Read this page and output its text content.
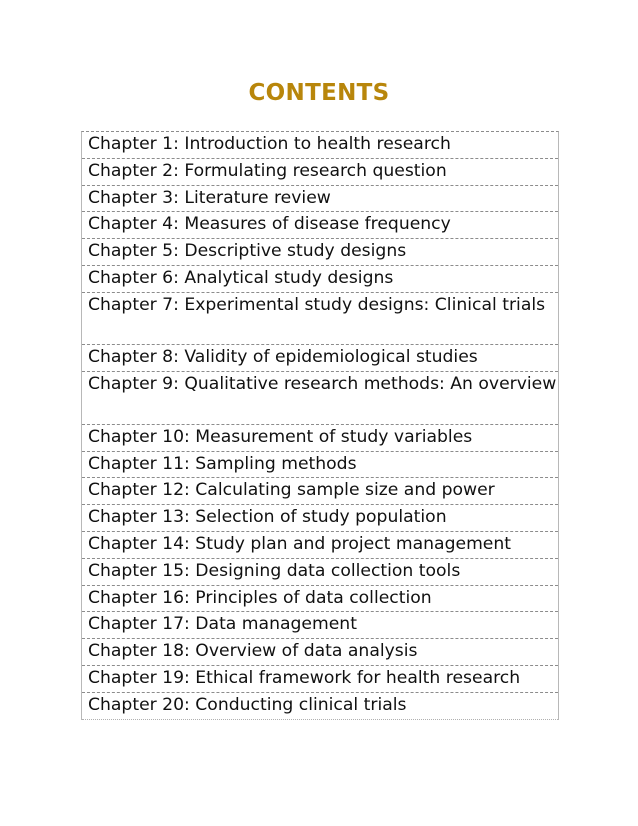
CONTENTS
Chapter 1: Introduction to health research
Chapter 2: Formulating research question
Chapter 3: Literature review
Chapter 4: Measures of disease frequency
Chapter 5: Descriptive study designs
Chapter 6: Analytical study designs
Chapter 7: Experimental study designs: Clinical trials
Chapter 8: Validity of epidemiological studies
Chapter 9: Qualitative research methods: An overview
Chapter 10: Measurement of study variables
Chapter 11: Sampling methods
Chapter 12: Calculating sample size and power
Chapter 13: Selection of study population
Chapter 14: Study plan and project management
Chapter 15: Designing data collection tools
Chapter 16: Principles of data collection
Chapter 17: Data management
Chapter 18: Overview of data analysis
Chapter 19: Ethical framework for health research
Chapter 20: Conducting clinical trials
